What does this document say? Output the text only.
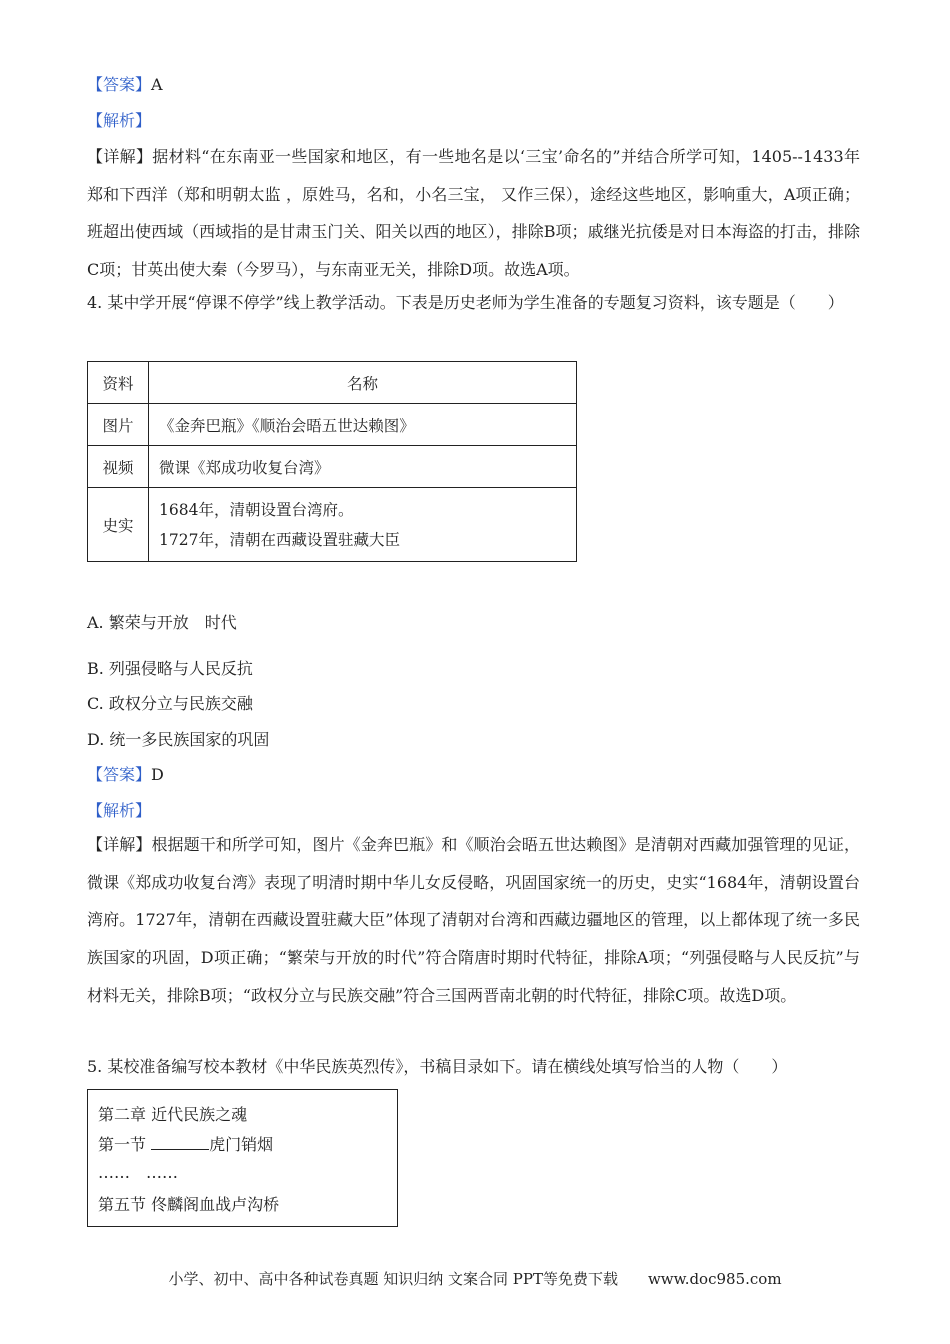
【答案】A
【解析】

【详解】据材料“在东南亚一些国家和地区，有一些地名是以‘三宝’命名的”并结合所学可知，1405--1433年郑和下西洋（郑和明朝太监 ，原姓马，名和，小名三宝， 又作三保），途经这些地区，影响重大，A项正确；班超出使西域（西域指的是甘肃玉门关、阳关以西的地区），排除B项；戚继光抗倭是对日本海盗的打击，排除C项；甘英出使大秦（今罗马），与东南亚无关，排除D项。故选A项。

4. 某中学开展“停课不停学”线上教学活动。下表是历史老师为学生准备的专题复习资料，该专题是（　　）

资料	名称
图片	《金奔巴瓶》《顺治会晤五世达赖图》
视频	微课《郑成功收复台湾》
史实	1684年，清朝设置台湾府。
1727年，清朝在西藏设置驻藏大臣
A. 繁荣与开放　时代
B. 列强侵略与人民反抗
C. 政权分立与民族交融
D. 统一多民族国家的巩固
【答案】D
【解析】

【详解】根据题干和所学可知，图片《金奔巴瓶》和《顺治会晤五世达赖图》是清朝对西藏加强管理的见证，微课《郑成功收复台湾》表现了明清时期中华儿女反侵略，巩固国家统一的历史，史实“1684年，清朝设置台湾府。1727年，清朝在西藏设置驻藏大臣”体现了清朝对台湾和西藏边疆地区的管理，以上都体现了统一多民族国家的巩固，D项正确；“繁荣与开放的时代”符合隋唐时期时代特征，排除A项；“列强侵略与人民反抗”与材料无关，排除B项；“政权分立与民族交融”符合三国两晋南北朝的时代特征，排除C项。故选D项。

5. 某校准备编写校本教材《中华民族英烈传》，书稿目录如下。请在横线处填写恰当的人物（　　）
第二章 近代民族之魂
第一节	虎门销烟
……　……
第五节 佟麟阁血战卢沟桥
小学、初中、高中各种试卷真题 知识归纳 文案合同 PPT等免费下载　　www.doc985.com
